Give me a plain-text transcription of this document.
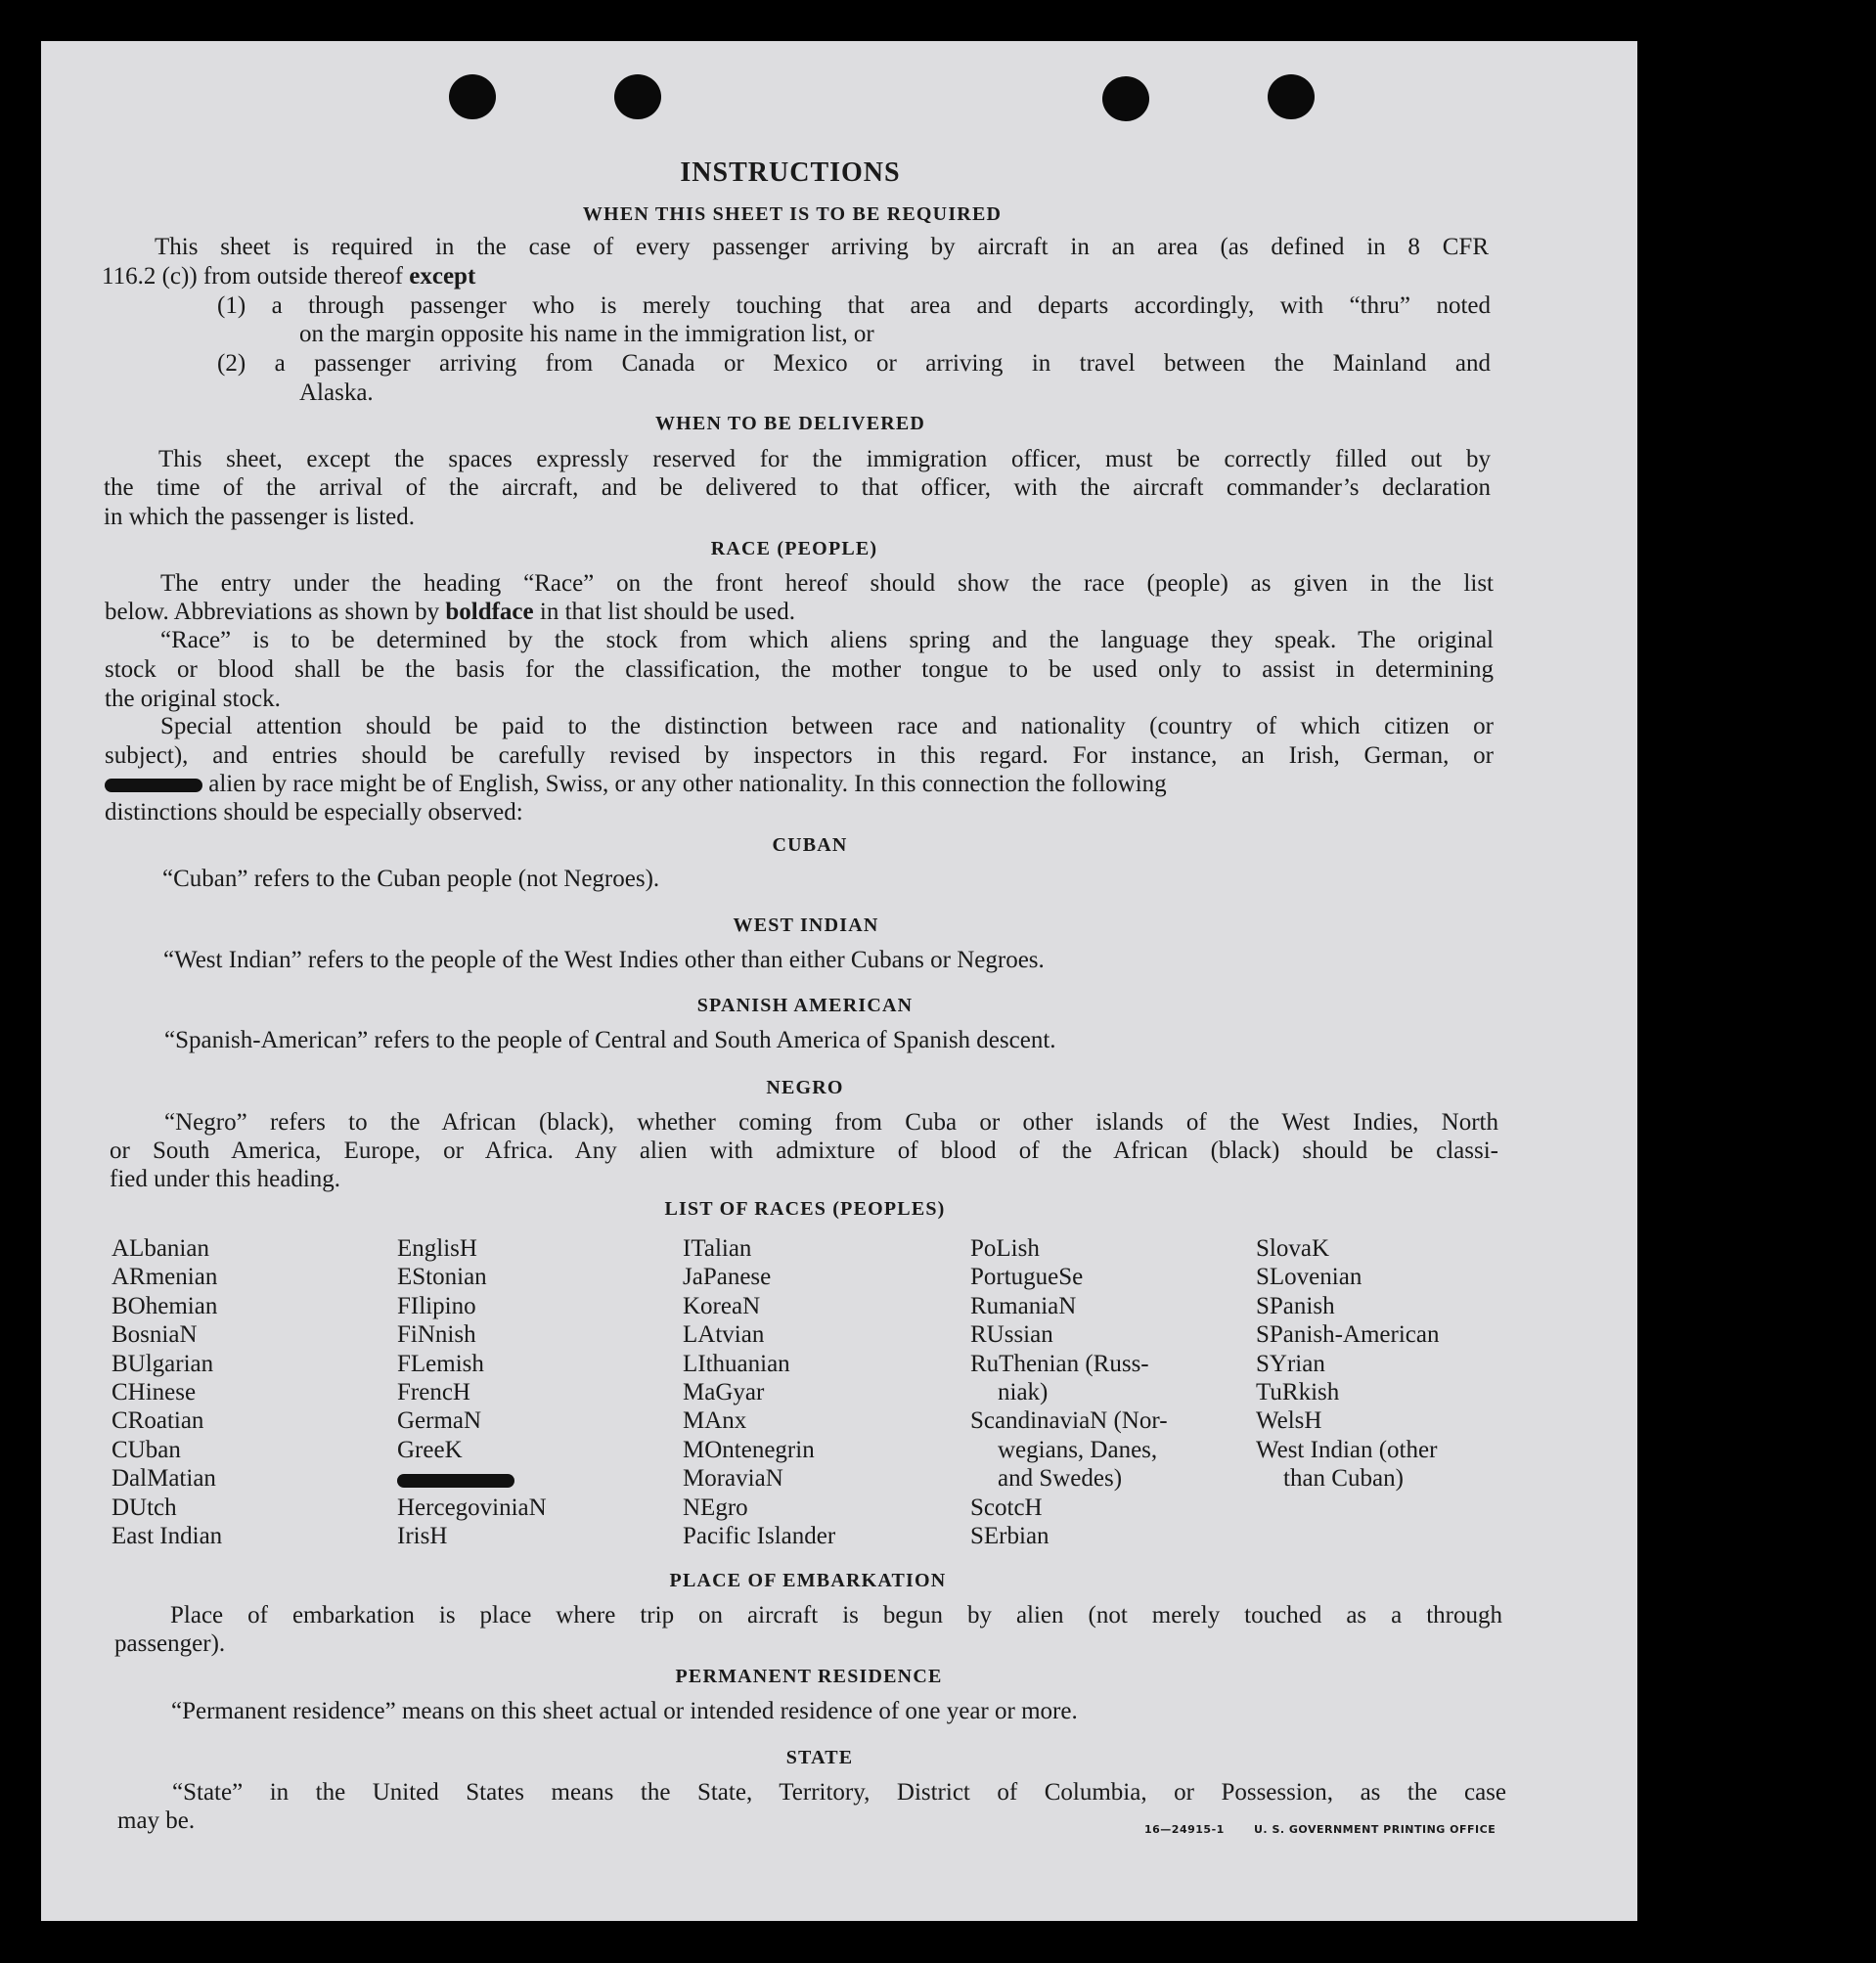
INSTRUCTIONS
WHEN THIS SHEET IS TO BE REQUIRED
This sheet is required in the case of every passenger arriving by aircraft in an area (as defined in 8 CFR
116.2 (c)) from outside thereof except
(1) a through passenger who is merely touching that area and departs accordingly, with “thru” noted
on the margin opposite his name in the immigration list, or
(2) a passenger arriving from Canada or Mexico or arriving in travel between the Mainland and
Alaska.
WHEN TO BE DELIVERED
This sheet, except the spaces expressly reserved for the immigration officer, must be correctly filled out by
the time of the arrival of the aircraft, and be delivered to that officer, with the aircraft commander’s declaration
in which the passenger is listed.
RACE (PEOPLE)
The entry under the heading “Race” on the front hereof should show the race (people) as given in the list
below. Abbreviations as shown by boldface in that list should be used.
“Race” is to be determined by the stock from which aliens spring and the language they speak. The original
stock or blood shall be the basis for the classification, the mother tongue to be used only to assist in determining
the original stock.
Special attention should be paid to the distinction between race and nationality (country of which citizen or
subject), and entries should be carefully revised by inspectors in this regard. For instance, an Irish, German, or
alien by race might be of English, Swiss, or any other nationality. In this connection the following
distinctions should be especially observed:
CUBAN
“Cuban” refers to the Cuban people (not Negroes).
WEST INDIAN
“West Indian” refers to the people of the West Indies other than either Cubans or Negroes.
SPANISH AMERICAN
“Spanish-American” refers to the people of Central and South America of Spanish descent.
NEGRO
“Negro” refers to the African (black), whether coming from Cuba or other islands of the West Indies, North
or South America, Europe, or Africa. Any alien with admixture of blood of the African (black) should be classi-
fied under this heading.
LIST OF RACES (PEOPLES)
ALbanian
ARmenian
BOhemian
BosniaN
BUlgarian
CHinese
CRoatian
CUban
DalMatian
DUtch
East Indian
EnglisH
EStonian
FIlipino
FiNnish
FLemish
FrencH
GermaN
GreeK
HercegoviniaN
IrisH
ITalian
JaPanese
KoreaN
LAtvian
LIthuanian
MaGyar
MAnx
MOntenegrin
MoraviaN
NEgro
Pacific Islander
PoLish
PortugueSe
RumaniaN
RUssian
RuThenian (Russ-
niak)
ScandinaviaN (Nor-
wegians, Danes,
and Swedes)
ScotcH
SErbian
SlovaK
SLovenian
SPanish
SPanish-American
SYrian
TuRkish
WelsH
West Indian (other
than Cuban)
PLACE OF EMBARKATION
Place of embarkation is place where trip on aircraft is begun by alien (not merely touched as a through
passenger).
PERMANENT RESIDENCE
“Permanent residence” means on this sheet actual or intended residence of one year or more.
STATE
“State” in the United States means the State, Territory, District of Columbia, or Possession, as the case
may be.	16—24915-1	U. S. GOVERNMENT PRINTING OFFICE
